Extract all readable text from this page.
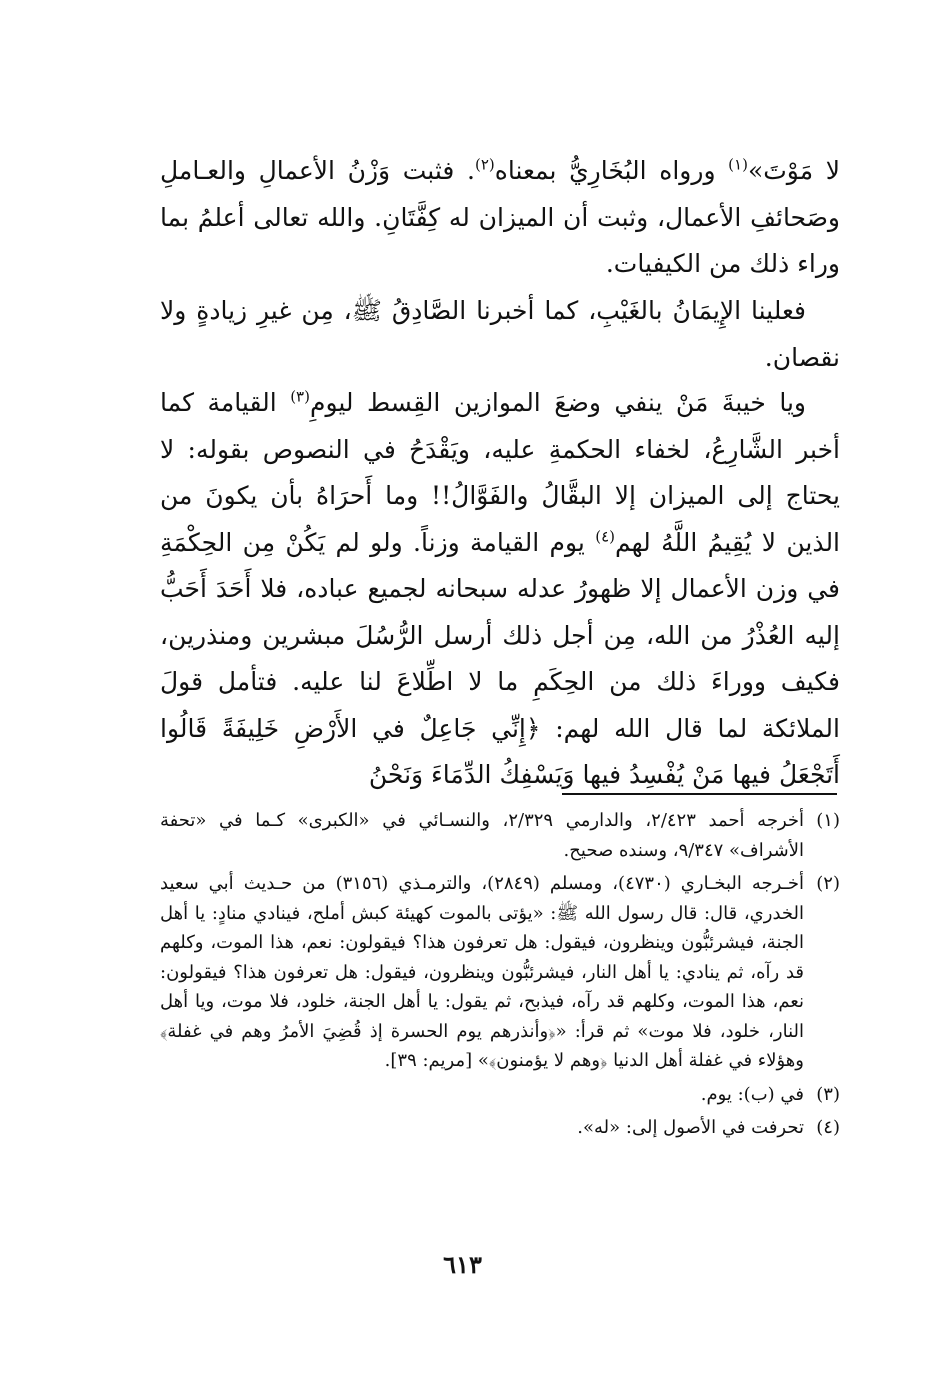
لا مَوْتَ»$^{(١)}$ ورواه البُخَارِيُّ بمعناه$^{(٢)}$. فثبت وَزْنُ الأعمالِ والعـاملِ وصَحائفِ الأعمال، وثبت أن الميزان له كِفَّتَانِ. والله تعالى أعلمُ بما وراء ذلك من الكيفيات.

فعلينا الإِيمَانُ بالغَيْبِ، كما أخبرنا الصَّادِقُ ﷺ، مِن غيرِ زيادةٍ ولا نقصان.

ويا خيبةَ مَنْ ينفي وضعَ الموازين القِسط ليومِ$^{(٣)}$ القيامة كما أخبر الشَّارِعُ، لخفاء الحكمةِ عليه، ويَقْدَحُ في النصوص بقوله: لا يحتاج إلى الميزان إلا البقَّالُ والفَوَّالُ!! وما أَحرَاهُ بأن يكونَ من الذين لا يُقِيمُ اللَّهُ لهم$^{(٤)}$ يوم القيامة وزناً. ولو لم يَكُنْ مِن الحِكْمَةِ في وزن الأعمال إلا ظهورُ عدله سبحانه لجميع عباده، فلا أَحَدَ أَحَبُّ إليه العُذْرُ من الله، مِن أجل ذلك أرسل الرُّسُلَ مبشرين ومنذرين، فكيف ووراءَ ذلك من الحِكَمِ ما لا اطِّلاعَ لنا عليه. فتأمل قولَ الملائكة لما قال الله لهم: ﴿إِنِّي جَاعِلٌ في الأَرْضِ خَلِيفَةً قَالُوا أَتَجْعَلُ فيها مَنْ يُفْسِدُ فيها وَيَسْفِكُ الدِّمَاءَ وَنَحْنُ

(١)
أخرجه أحمد ٢/٤٢٣، والدارمي ٢/٣٢٩، والنسـائي في «الكبرى» كـما في «تحفة الأشراف» ٩/٣٤٧، وسنده صحيح.
(٢)
أخـرجه البخـاري (٤٧٣٠)، ومسلم (٢٨٤٩)، والترمـذي (٣١٥٦) من حـديث أبي سعيد الخدري، قال: قال رسول الله ﷺ: «يؤتى بالموت كهيئة كبش أملح، فينادي منادٍ: يا أهل الجنة، فيشرئبُّون وينظرون، فيقول: هل تعرفون هذا؟ فيقولون: نعم، هذا الموت، وكلهم قد رآه، ثم ينادي: يا أهل النار، فيشرئبُّون وينظرون، فيقول: هل تعرفون هذا؟ فيقولون: نعم، هذا الموت، وكلهم قد رآه، فيذبح، ثم يقول: يا أهل الجنة، خلود، فلا موت، ويا أهل النار، خلود، فلا موت» ثم قرأ: «﴿وأنذرهم يوم الحسرة إذ قُضِيَ الأمرُ وهم في غفلة﴾ وهؤلاء في غفلة أهل الدنيا ﴿وهم لا يؤمنون﴾» [مريم: ٣٩].
(٣)
في (ب): يوم.
(٤)
تحرفت في الأصول إلى: «له».
٦١٣
